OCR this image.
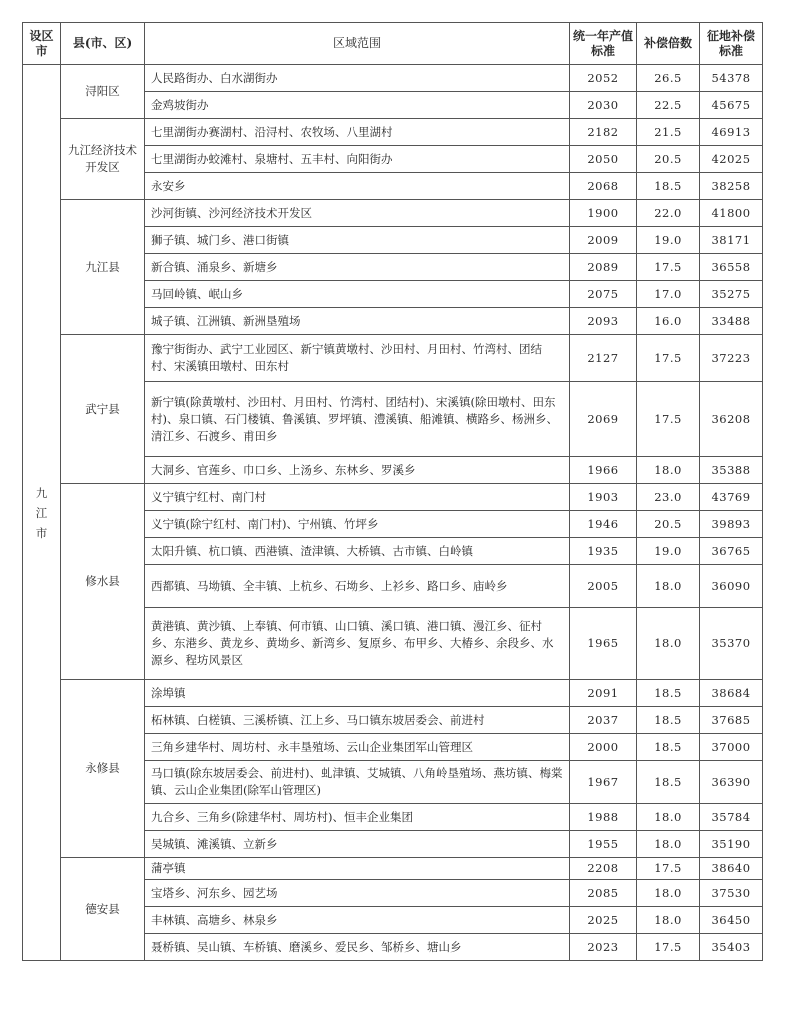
设区市	县(市、区)	区域范围	统一年产值标准	补偿倍数	征地补偿标准

九江市	浔阳区	人民路街办、白水湖街办	2052	26.5	54378
		金鸡坡街办	2030	22.5	45675
	九江经济技术开发区	七里湖街办赛湖村、沿浔村、农牧场、八里湖村	2182	21.5	46913
		七里湖街办蛟滩村、泉塘村、五丰村、向阳街办	2050	20.5	42025
		永安乡	2068	18.5	38258
	九江县	沙河街镇、沙河经济技术开发区	1900	22.0	41800
		狮子镇、城门乡、港口街镇	2009	19.0	38171
		新合镇、涌泉乡、新塘乡	2089	17.5	36558
		马回岭镇、岷山乡	2075	17.0	35275
		城子镇、江洲镇、新洲垦殖场	2093	16.0	33488
	武宁县	豫宁街街办、武宁工业园区、新宁镇黄墩村、沙田村、月田村、竹湾村、团结村、宋溪镇田墩村、田东村	2127	17.5	37223
		新宁镇(除黄墩村、沙田村、月田村、竹湾村、团结村)、宋溪镇(除田墩村、田东村)、泉口镇、石门楼镇、鲁溪镇、罗坪镇、澧溪镇、船滩镇、横路乡、杨洲乡、清江乡、石渡乡、甫田乡	2069	17.5	36208
		大洞乡、官莲乡、巾口乡、上汤乡、东林乡、罗溪乡	1966	18.0	35388
	修水县	义宁镇宁红村、南门村	1903	23.0	43769
		义宁镇(除宁红村、南门村)、宁州镇、竹坪乡	1946	20.5	39893
		太阳升镇、杭口镇、西港镇、渣津镇、大桥镇、古市镇、白岭镇	1935	19.0	36765
		西都镇、马坳镇、全丰镇、上杭乡、石坳乡、上衫乡、路口乡、庙岭乡	2005	18.0	36090
		黄港镇、黄沙镇、上奉镇、何市镇、山口镇、溪口镇、港口镇、漫江乡、征村乡、东港乡、黄龙乡、黄坳乡、新湾乡、复原乡、布甲乡、大椿乡、余段乡、水源乡、程坊风景区	1965	18.0	35370
	永修县	涂埠镇	2091	18.5	38684
		柘林镇、白槎镇、三溪桥镇、江上乡、马口镇东坡居委会、前进村	2037	18.5	37685
		三角乡建华村、周坊村、永丰垦殖场、云山企业集团军山管理区	2000	18.5	37000
		马口镇(除东坡居委会、前进村)、虬津镇、艾城镇、八角岭垦殖场、燕坊镇、梅棠镇、云山企业集团(除军山管理区)	1967	18.5	36390
		九合乡、三角乡(除建华村、周坊村)、恒丰企业集团	1988	18.0	35784
		吴城镇、滩溪镇、立新乡	1955	18.0	35190
	德安县	蒲亭镇	2208	17.5	38640
		宝塔乡、河东乡、园艺场	2085	18.0	37530
		丰林镇、高塘乡、林泉乡	2025	18.0	36450
		聂桥镇、吴山镇、车桥镇、磨溪乡、爱民乡、邹桥乡、塘山乡	2023	17.5	35403
